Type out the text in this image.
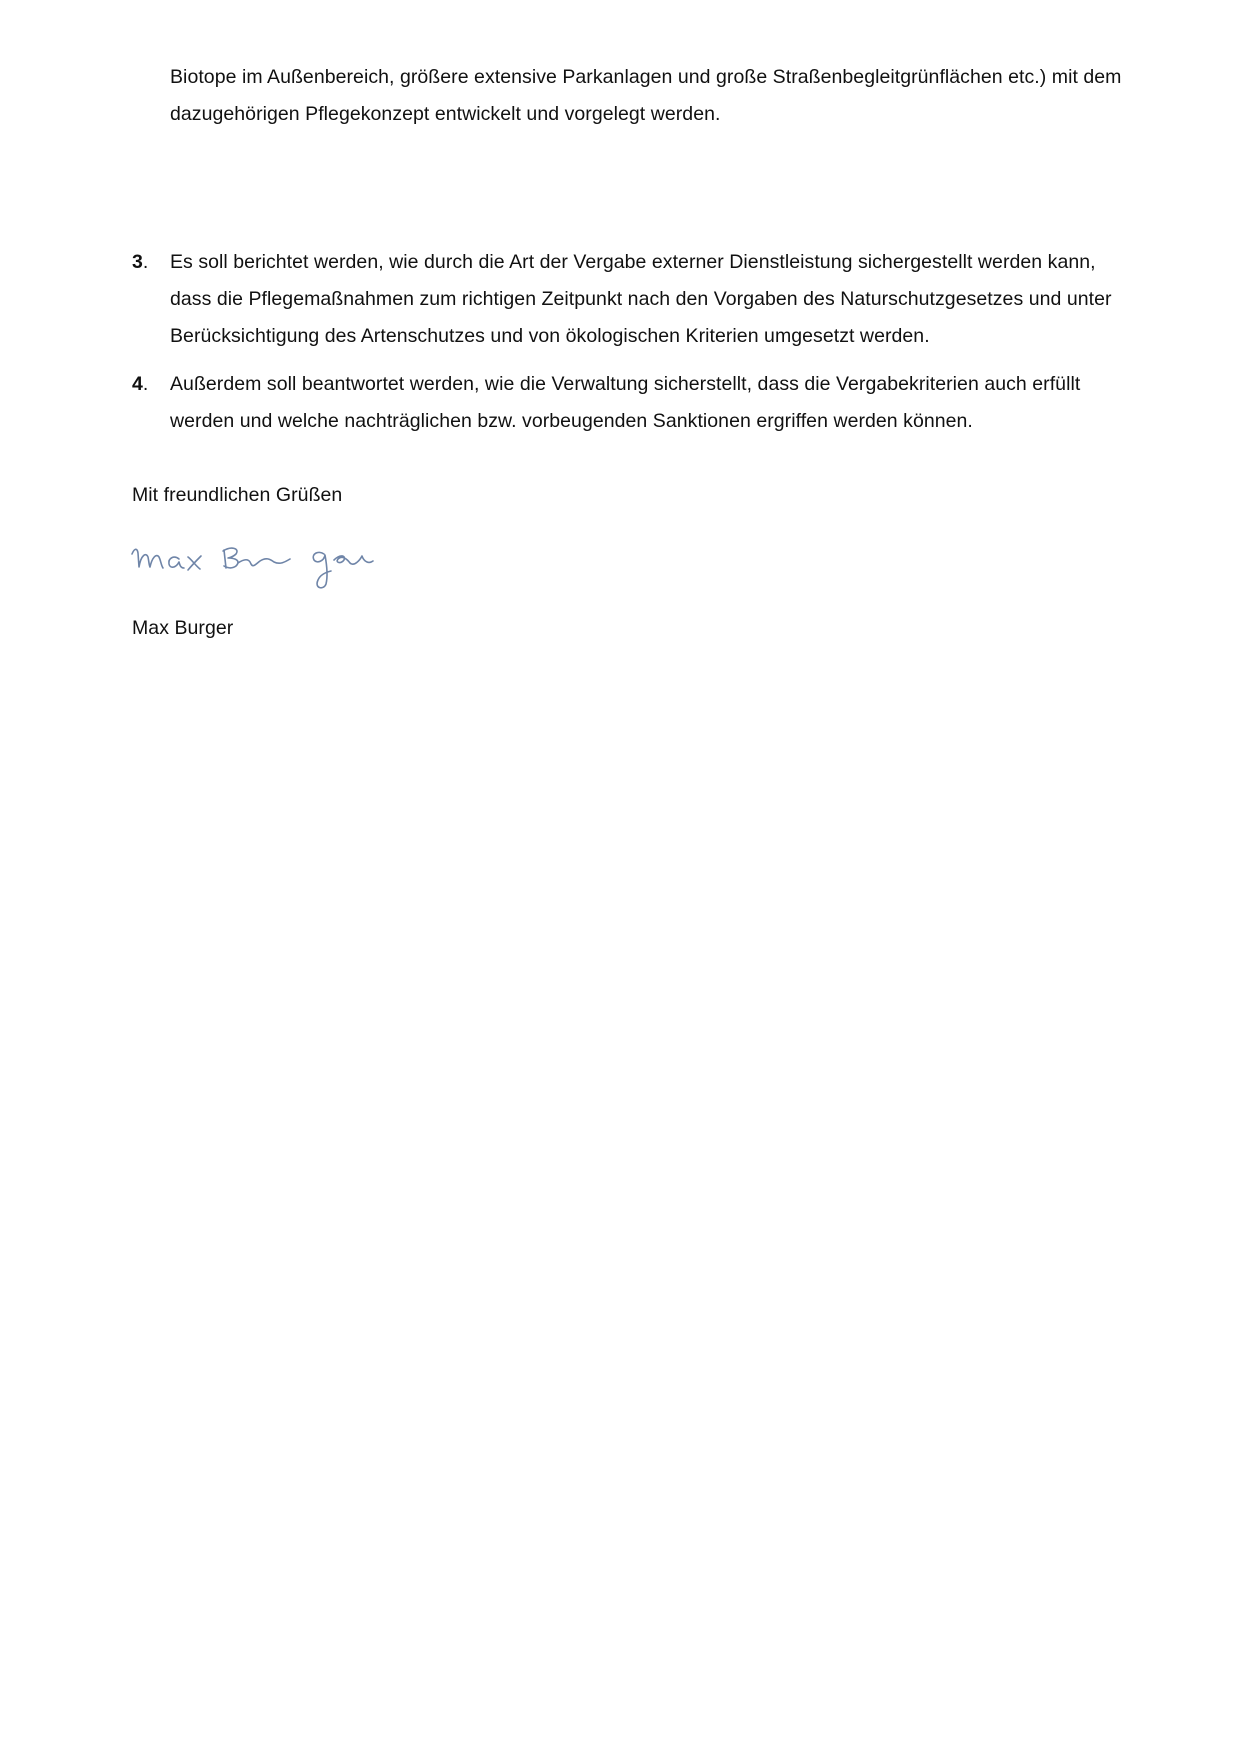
Biotope im Außenbereich, größere extensive Parkanlagen und große Straßenbegleitgrünflächen etc.) mit dem
dazugehörigen Pflegekonzept entwickelt und vorgelegt werden.
3. Es soll berichtet werden, wie durch die Art der Vergabe externer Dienstleistung sichergestellt werden kann,
dass die Pflegemaßnahmen zum richtigen Zeitpunkt nach den Vorgaben des Naturschutzgesetzes und unter
Berücksichtigung des Artenschutzes und von ökologischen Kriterien umgesetzt werden.
4. Außerdem soll beantwortet werden, wie die Verwaltung sicherstellt, dass die Vergabekriterien auch erfüllt
werden und welche nachträglichen bzw. vorbeugenden Sanktionen ergriffen werden können.
Mit freundlichen Grüßen
Max Burger
